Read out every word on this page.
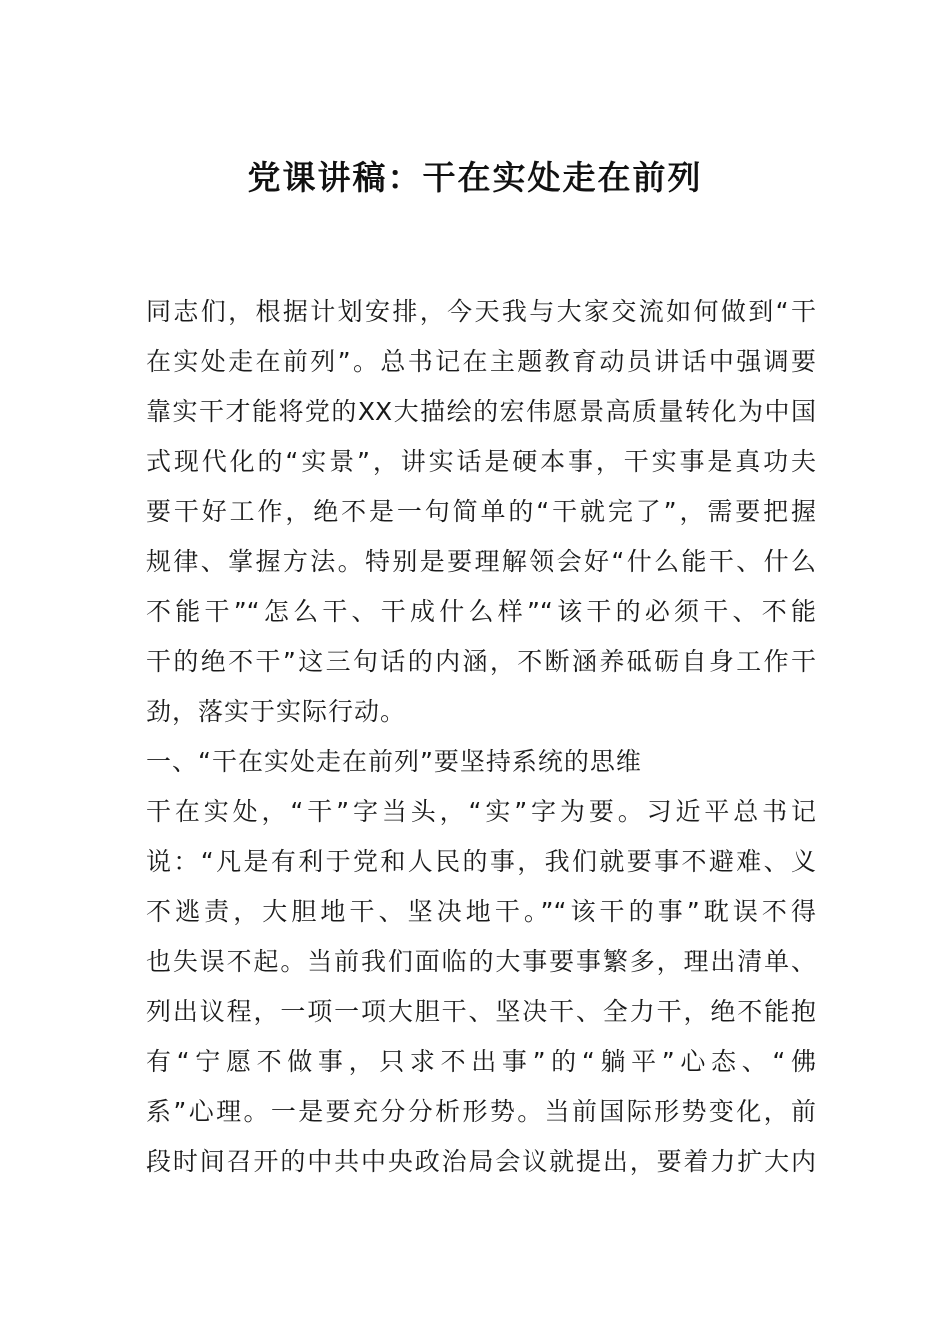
党课讲稿：干在实处走在前列
同志们，根据计划安排，今天我与大家交流如何做到“干
在实处走在前列”。总书记在主题教育动员讲话中强调要
靠实干才能将党的XX大描绘的宏伟愿景高质量转化为中国
式现代化的“实景”，讲实话是硬本事，干实事是真功夫
要干好工作，绝不是一句简单的“干就完了”，需要把握
规律、掌握方法。特别是要理解领会好“什么能干、什么
不能干”“怎么干、干成什么样”“该干的必须干、不能
干的绝不干”这三句话的内涵，不断涵养砥砺自身工作干
劲，落实于实际行动。
一、“干在实处走在前列”要坚持系统的思维
干在实处，“干”字当头，“实”字为要。习近平总书记
说：“凡是有利于党和人民的事，我们就要事不避难、义
不逃责，大胆地干、坚决地干。”“该干的事”耽误不得
也失误不起。当前我们面临的大事要事繁多，理出清单、
列出议程，一项一项大胆干、坚决干、全力干，绝不能抱
有“宁愿不做事，只求不出事”的“躺平”心态、“佛
系”心理。一是要充分分析形势。当前国际形势变化，前
段时间召开的中共中央政治局会议就提出，要着力扩大内
